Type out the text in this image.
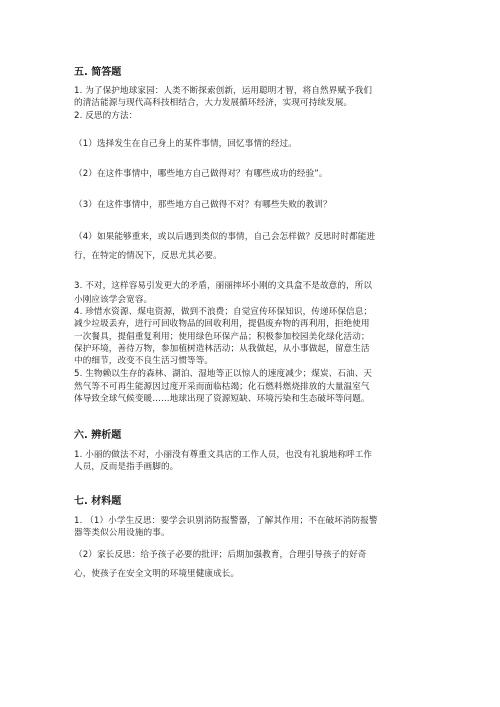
五. 简答题
1. 为了保护地球家园：人类不断探索创新，运用聪明才智，将自然界赋予我们
的清洁能源与现代高科技相结合，大力发展循环经济，实现可持续发展。
2. 反思的方法：
（1）选择发生在自己身上的某件事情，回忆事情的经过。
（2）在这件事情中，哪些地方自己做得对？有哪些成功的经验”。
（3）在这件事情中，那些地方自己做得不对？有哪些失败的教训？
（4）如果能够重来，或以后遇到类似的事情，自己会怎样做？反思时时都能进
行，在特定的情况下，反思尤其必要。
3. 不对，这样容易引发更大的矛盾，丽丽摔坏小刚的文具盒不是故意的，所以
小刚应该学会宽容。
4. 珍惜水资源、煤电资源，做到不浪费；自觉宣传环保知识，传递环保信息；
减少垃圾丢弃，进行可回收物品的回收利用，提倡废弃物的再利用，拒绝使用
一次餐具，提倡重复利用；使用绿色环保产品；积极参加校园美化绿化活动；
保护环境，善待万物，参加植树造林活动；从我做起，从小事做起，留意生活
中的细节，改变不良生活习惯等等。
5. 生物赖以生存的森林、湖泊、湿地等正以惊人的速度减少；煤炭、石油、天
然气等不可再生能源因过度开采而面临枯竭；化石燃料燃烧排放的大量温室气
体导致全球气候变暖……地球出现了资源短缺、环境污染和生态破坏等问题。
六. 辨析题
1. 小丽的做法不对，小丽没有尊重文具店的工作人员，也没有礼貌地称呼工作
人员，反而是指手画脚的。
七. 材料题
1. （1）小学生反思：要学会识别消防报警器，了解其作用；不在破坏消防报警
器等类似公用设施的事。
（2）家长反思：给予孩子必要的批评；后期加强教育，合理引导孩子的好奇
心，使孩子在安全文明的环境里健康成长。
